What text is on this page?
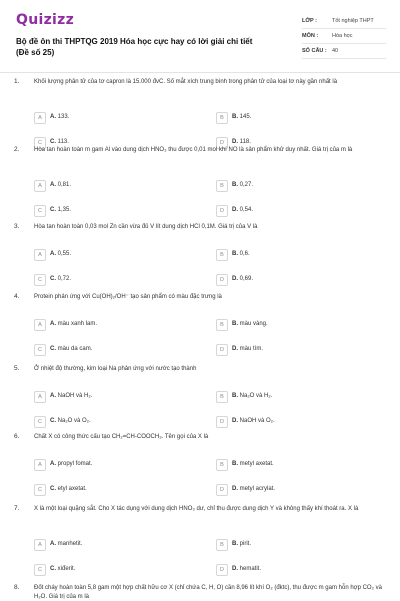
Quizizz
Bộ đề ôn thi THPTQG 2019 Hóa học cực hay có lời giải chi tiết (Đề số 25)
LỚP :	Tốt nghiệp THPT
MÔN :	Hóa học
SỐ CÂU : 40
1. Khối lượng phân tử của tơ capron là 15.000 đvC. Số mắt xích trung bình trong phân tử của loại tơ này gần nhất là
A	A. 133.	B	B. 145.
C	C. 113.	D	D. 118.
2. Hòa tan hoàn toàn m gam Al vào dung dịch HNO₃ thu được 0,01 mol khí NO là sản phẩm khử duy nhất. Giá trị của m là
A	A. 0,81.	B	B. 0,27.
C	C. 1,35.	D	D. 0,54.
3. Hòa tan hoàn toàn 0,03 mol Zn cần vừa đủ V lít dung dịch HCl 0,1M. Giá trị của V là
A	A. 0,55.	B	B. 0,6.
C	C. 0,72.	D	D. 0,69.
4. Protein phản ứng với Cu(OH)₂/OH⁻ tạo sản phẩm có màu đặc trưng là
A	A. màu xanh lam.	B	B. màu vàng.
C	C. màu da cam.	D	D. màu tím.
5. Ở nhiệt độ thường, kim loại Na phản ứng với nước tạo thành
A	A. NaOH và H₂.	B	B. Na₂O và H₂.
C	C. Na₂O và O₂.	D	D. NaOH và O₂.
6. Chất X có công thức cấu tạo CH₂=CH-COOCH₃. Tên gọi của X là
A	A. propyl fomat.	B	B. metyl axetat.
C	C. etyl axetat.	D	D. metyl acrylat.
7. X là một loại quặng sắt. Cho X tác dụng với dung dịch HNO₃ dư, chỉ thu được dung dịch Y và không thấy khí thoát ra. X là
A	A. manhetit.	B	B. pirit.
C	C. xiđerit.	D	D. hematit.
8. Đốt cháy hoàn toàn 5,8 gam một hợp chất hữu cơ X (chỉ chứa C, H, O) cần 8,96 lít khí O₂ (đktc), thu được m gam hỗn hợp CO₂ và H₂O. Giá trị của m là
